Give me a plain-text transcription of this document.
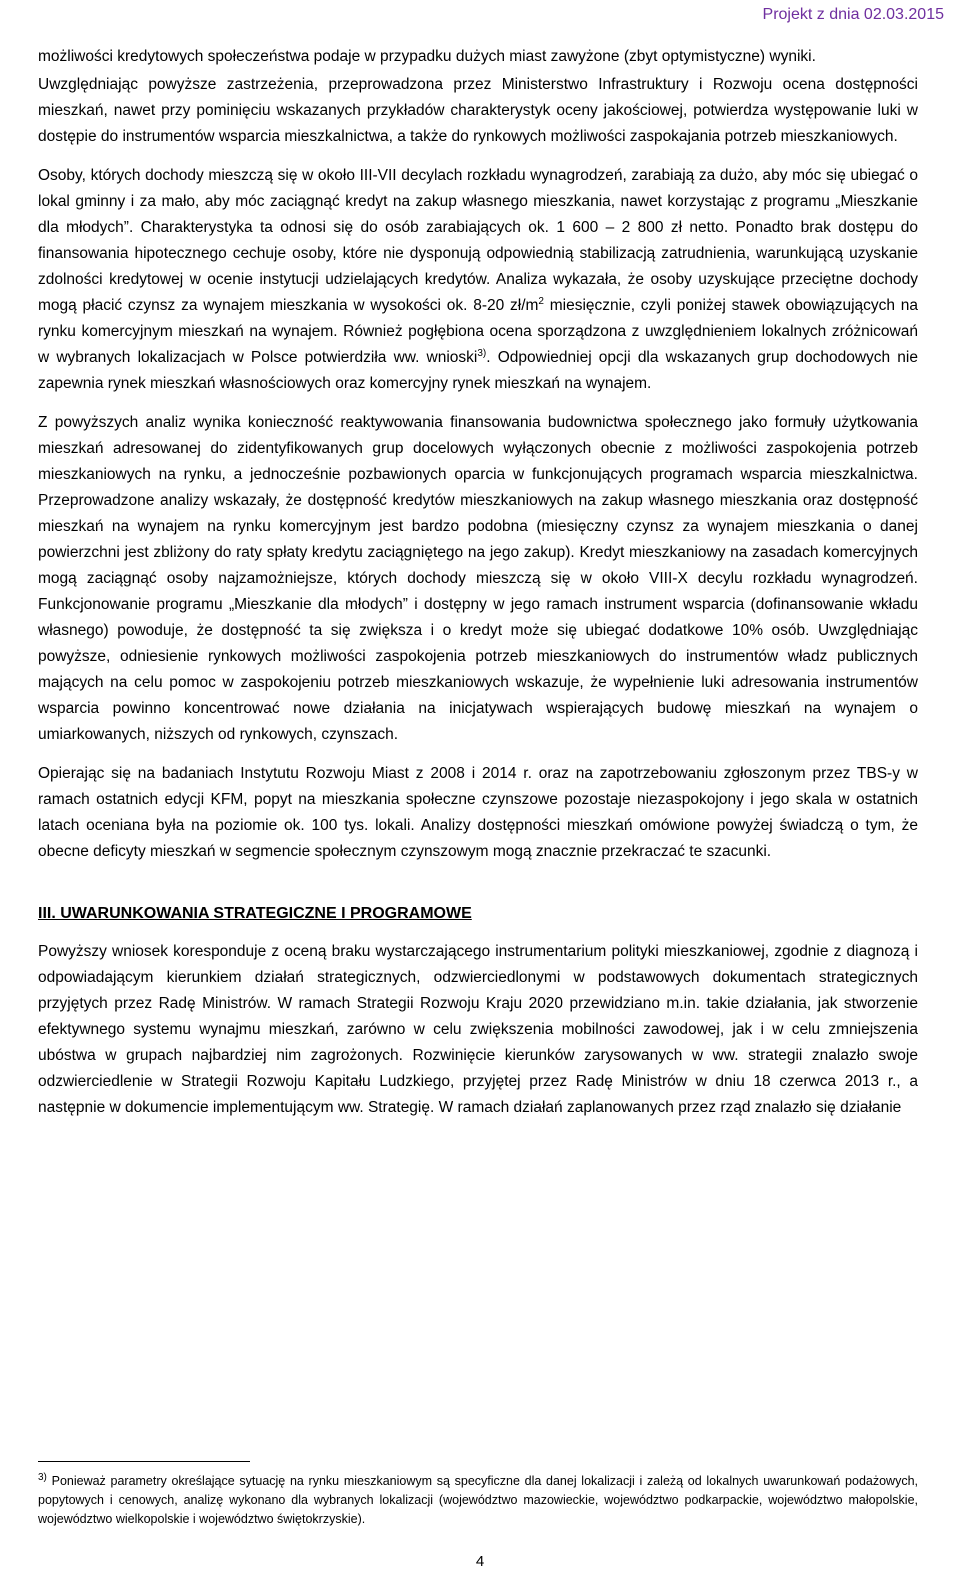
Projekt z dnia 02.03.2015

możliwości kredytowych społeczeństwa podaje w przypadku dużych miast zawyżone (zbyt optymistyczne) wyniki.

Uwzględniając powyższe zastrzeżenia, przeprowadzona przez Ministerstwo Infrastruktury i Rozwoju ocena dostępności mieszkań, nawet przy pominięciu wskazanych przykładów charakterystyk oceny jakościowej, potwierdza występowanie luki w dostępie do instrumentów wsparcia mieszkalnictwa, a także do rynkowych możliwości zaspokajania potrzeb mieszkaniowych.

Osoby, których dochody mieszczą się w około III-VII decylach rozkładu wynagrodzeń, zarabiają za dużo, aby móc się ubiegać o lokal gminny i za mało, aby móc zaciągnąć kredyt na zakup własnego mieszkania, nawet korzystając z programu „Mieszkanie dla młodych”. Charakterystyka ta odnosi się do osób zarabiających ok. 1 600 – 2 800 zł netto. Ponadto brak dostępu do finansowania hipotecznego cechuje osoby, które nie dysponują odpowiednią stabilizacją zatrudnienia, warunkującą uzyskanie zdolności kredytowej w ocenie instytucji udzielających kredytów. Analiza wykazała, że osoby uzyskujące przeciętne dochody mogą płacić czynsz za wynajem mieszkania w wysokości ok. 8-20 $zł/m^2$ miesięcznie, czyli poniżej stawek obowiązujących na rynku komercyjnym mieszkań na wynajem. Również pogłębiona ocena sporządzona z uwzględnieniem lokalnych zróżnicowań w wybranych lokalizacjach w Polsce potwierdziła ww. wnioski$^{3)}$. Odpowiedniej opcji dla wskazanych grup dochodowych nie zapewnia rynek mieszkań własnościowych oraz komercyjny rynek mieszkań na wynajem.

Z powyższych analiz wynika konieczność reaktywowania finansowania budownictwa społecznego jako formuły użytkowania mieszkań adresowanej do zidentyfikowanych grup docelowych wyłączonych obecnie z możliwości zaspokojenia potrzeb mieszkaniowych na rynku, a jednocześnie pozbawionych oparcia w funkcjonujących programach wsparcia mieszkalnictwa. Przeprowadzone analizy wskazały, że dostępność kredytów mieszkaniowych na zakup własnego mieszkania oraz dostępność mieszkań na wynajem na rynku komercyjnym jest bardzo podobna (miesięczny czynsz za wynajem mieszkania o danej powierzchni jest zbliżony do raty spłaty kredytu zaciągniętego na jego zakup). Kredyt mieszkaniowy na zasadach komercyjnych mogą zaciągnąć osoby najzamożniejsze, których dochody mieszczą się w około VIII-X decylu rozkładu wynagrodzeń. Funkcjonowanie programu „Mieszkanie dla młodych” i dostępny w jego ramach instrument wsparcia (dofinansowanie wkładu własnego) powoduje, że dostępność ta się zwiększa i o kredyt może się ubiegać dodatkowe 10% osób. Uwzględniając powyższe, odniesienie rynkowych możliwości zaspokojenia potrzeb mieszkaniowych do instrumentów władz publicznych mających na celu pomoc w zaspokojeniu potrzeb mieszkaniowych wskazuje, że wypełnienie luki adresowania instrumentów wsparcia powinno koncentrować nowe działania na inicjatywach wspierających budowę mieszkań na wynajem o umiarkowanych, niższych od rynkowych, czynszach.

Opierając się na badaniach Instytutu Rozwoju Miast z 2008 i 2014 r. oraz na zapotrzebowaniu zgłoszonym przez TBS-y w ramach ostatnich edycji KFM, popyt na mieszkania społeczne czynszowe pozostaje niezaspokojony i jego skala w ostatnich latach oceniana była na poziomie ok. 100 tys. lokali. Analizy dostępności mieszkań omówione powyżej świadczą o tym, że obecne deficyty mieszkań w segmencie społecznym czynszowym mogą znacznie przekraczać te szacunki.

III. UWARUNKOWANIA STRATEGICZNE I PROGRAMOWE

Powyższy wniosek koresponduje z oceną braku wystarczającego instrumentarium polityki mieszkaniowej, zgodnie z diagnozą i odpowiadającym kierunkiem działań strategicznych, odzwierciedlonymi w podstawowych dokumentach strategicznych przyjętych przez Radę Ministrów. W ramach Strategii Rozwoju Kraju 2020 przewidziano m.in. takie działania, jak stworzenie efektywnego systemu wynajmu mieszkań, zarówno w celu zwiększenia mobilności zawodowej, jak i w celu zmniejszenia ubóstwa w grupach najbardziej nim zagrożonych. Rozwinięcie kierunków zarysowanych w ww. strategii znalazło swoje odzwierciedlenie w Strategii Rozwoju Kapitału Ludzkiego, przyjętej przez Radę Ministrów w dniu 18 czerwca 2013 r., a następnie w dokumencie implementującym ww. Strategię. W ramach działań zaplanowanych przez rząd znalazło się działanie

$^{3)}$ Ponieważ parametry określające sytuację na rynku mieszkaniowym są specyficzne dla danej lokalizacji i zależą od lokalnych uwarunkowań podażowych, popytowych i cenowych, analizę wykonano dla wybranych lokalizacji (województwo mazowieckie, województwo podkarpackie, województwo małopolskie, województwo wielkopolskie i województwo świętokrzyskie).
4
